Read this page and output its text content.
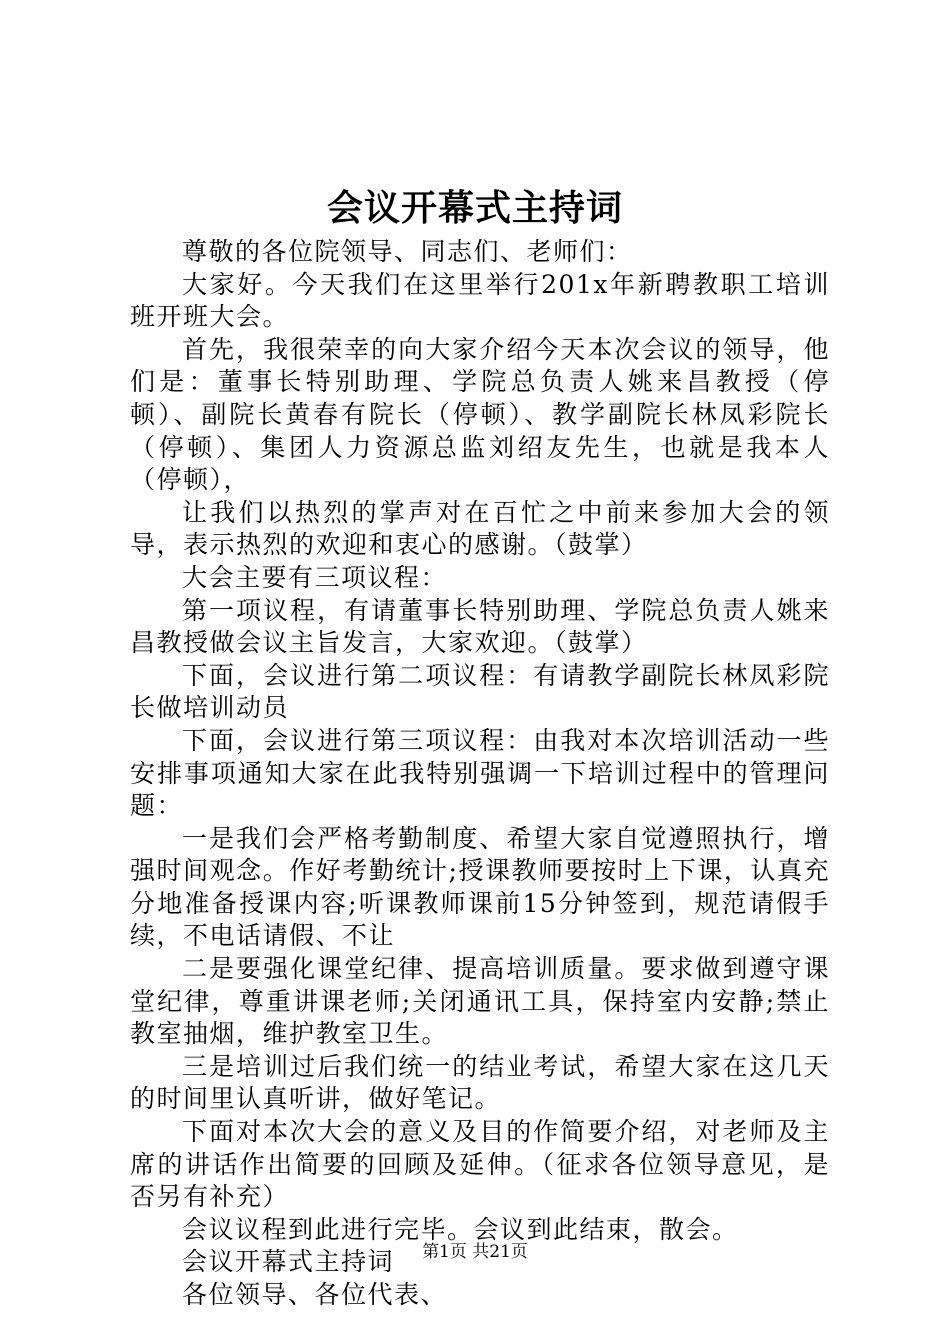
会议开幕式主持词

尊敬的各位院领导、同志们、老师们：

大家好。今天我们在这里举行201x年新聘教职工培训班开班大会。

首先，我很荣幸的向大家介绍今天本次会议的领导，他们是：董事长特别助理、学院总负责人姚来昌教授（停顿）、副院长黄春有院长（停顿）、教学副院长林凤彩院长（停顿）、集团人力资源总监刘绍友先生，也就是我本人（停顿），

让我们以热烈的掌声对在百忙之中前来参加大会的领导，表示热烈的欢迎和衷心的感谢。（鼓掌）

大会主要有三项议程：

第一项议程，有请董事长特别助理、学院总负责人姚来昌教授做会议主旨发言，大家欢迎。（鼓掌）

下面，会议进行第二项议程：有请教学副院长林凤彩院长做培训动员

下面，会议进行第三项议程：由我对本次培训活动一些安排事项通知大家在此我特别强调一下培训过程中的管理问题：

一是我们会严格考勤制度、希望大家自觉遵照执行，增强时间观念。作好考勤统计;授课教师要按时上下课，认真充分地准备授课内容;听课教师课前15分钟签到，规范请假手续，不电话请假、不让

二是要强化课堂纪律、提高培训质量。要求做到遵守课堂纪律，尊重讲课老师;关闭通讯工具，保持室内安静;禁止教室抽烟，维护教室卫生。

三是培训过后我们统一的结业考试，希望大家在这几天的时间里认真听讲，做好笔记。

下面对本次大会的意义及目的作简要介绍，对老师及主席的讲话作出简要的回顾及延伸。（征求各位领导意见，是否另有补充）

会议议程到此进行完毕。会议到此结束，散会。

会议开幕式主持词

各位领导、各位代表、

第1页 共21页
